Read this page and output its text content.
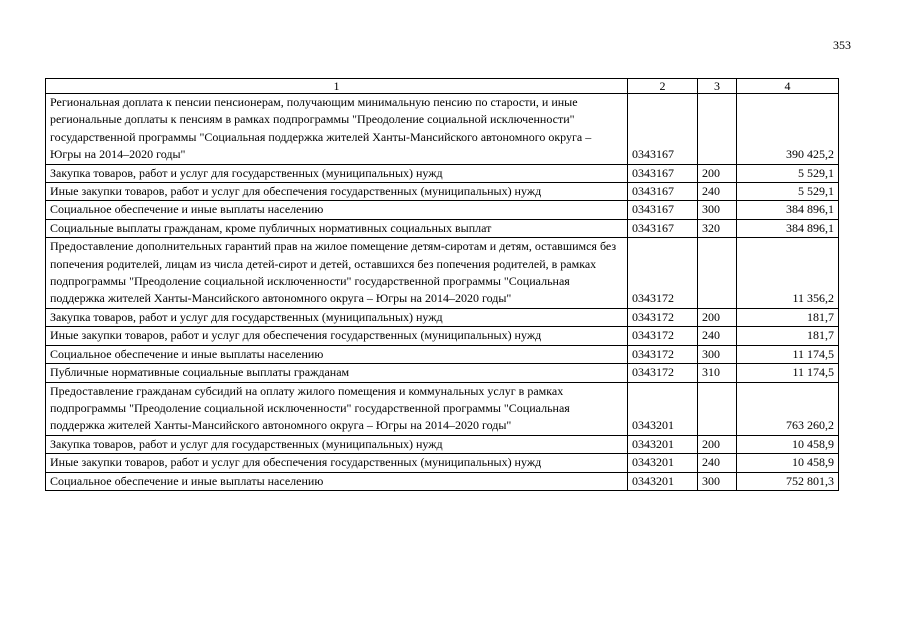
353
1	2	3	4
Региональная доплата к пенсии пенсионерам, получающим минимальную пенсию по старости, и иные региональные доплаты к пенсиям в рамках подпрограммы "Преодоление социальной исключенности" государственной программы "Социальная поддержка жителей Ханты-Мансийского автономного округа – Югры на 2014–2020 годы"	0343167		390 425,2
Закупка товаров, работ и услуг для государственных (муниципальных) нужд	0343167	200	5 529,1
Иные закупки товаров, работ и услуг для обеспечения государственных (муниципальных) нужд	0343167	240	5 529,1
Социальное обеспечение и иные выплаты населению	0343167	300	384 896,1
Социальные выплаты гражданам, кроме публичных нормативных социальных выплат	0343167	320	384 896,1
Предоставление дополнительных гарантий прав на жилое помещение детям-сиротам и детям, оставшимся без попечения родителей, лицам из числа детей-сирот и детей, оставшихся без попечения родителей, в рамках подпрограммы "Преодоление социальной исключенности" государственной программы "Социальная поддержка жителей Ханты-Мансийского автономного округа – Югры на 2014–2020 годы"	0343172		11 356,2
Закупка товаров, работ и услуг для государственных (муниципальных) нужд	0343172	200	181,7
Иные закупки товаров, работ и услуг для обеспечения государственных (муниципальных) нужд	0343172	240	181,7
Социальное обеспечение и иные выплаты населению	0343172	300	11 174,5
Публичные нормативные социальные выплаты гражданам	0343172	310	11 174,5
Предоставление гражданам субсидий на оплату жилого помещения и коммунальных услуг в рамках подпрограммы "Преодоление социальной исключенности" государственной программы "Социальная поддержка жителей Ханты-Мансийского автономного округа – Югры на 2014–2020 годы"	0343201		763 260,2
Закупка товаров, работ и услуг для государственных (муниципальных) нужд	0343201	200	10 458,9
Иные закупки товаров, работ и услуг для обеспечения государственных (муниципальных) нужд	0343201	240	10 458,9
Социальное обеспечение и иные выплаты населению	0343201	300	752 801,3
